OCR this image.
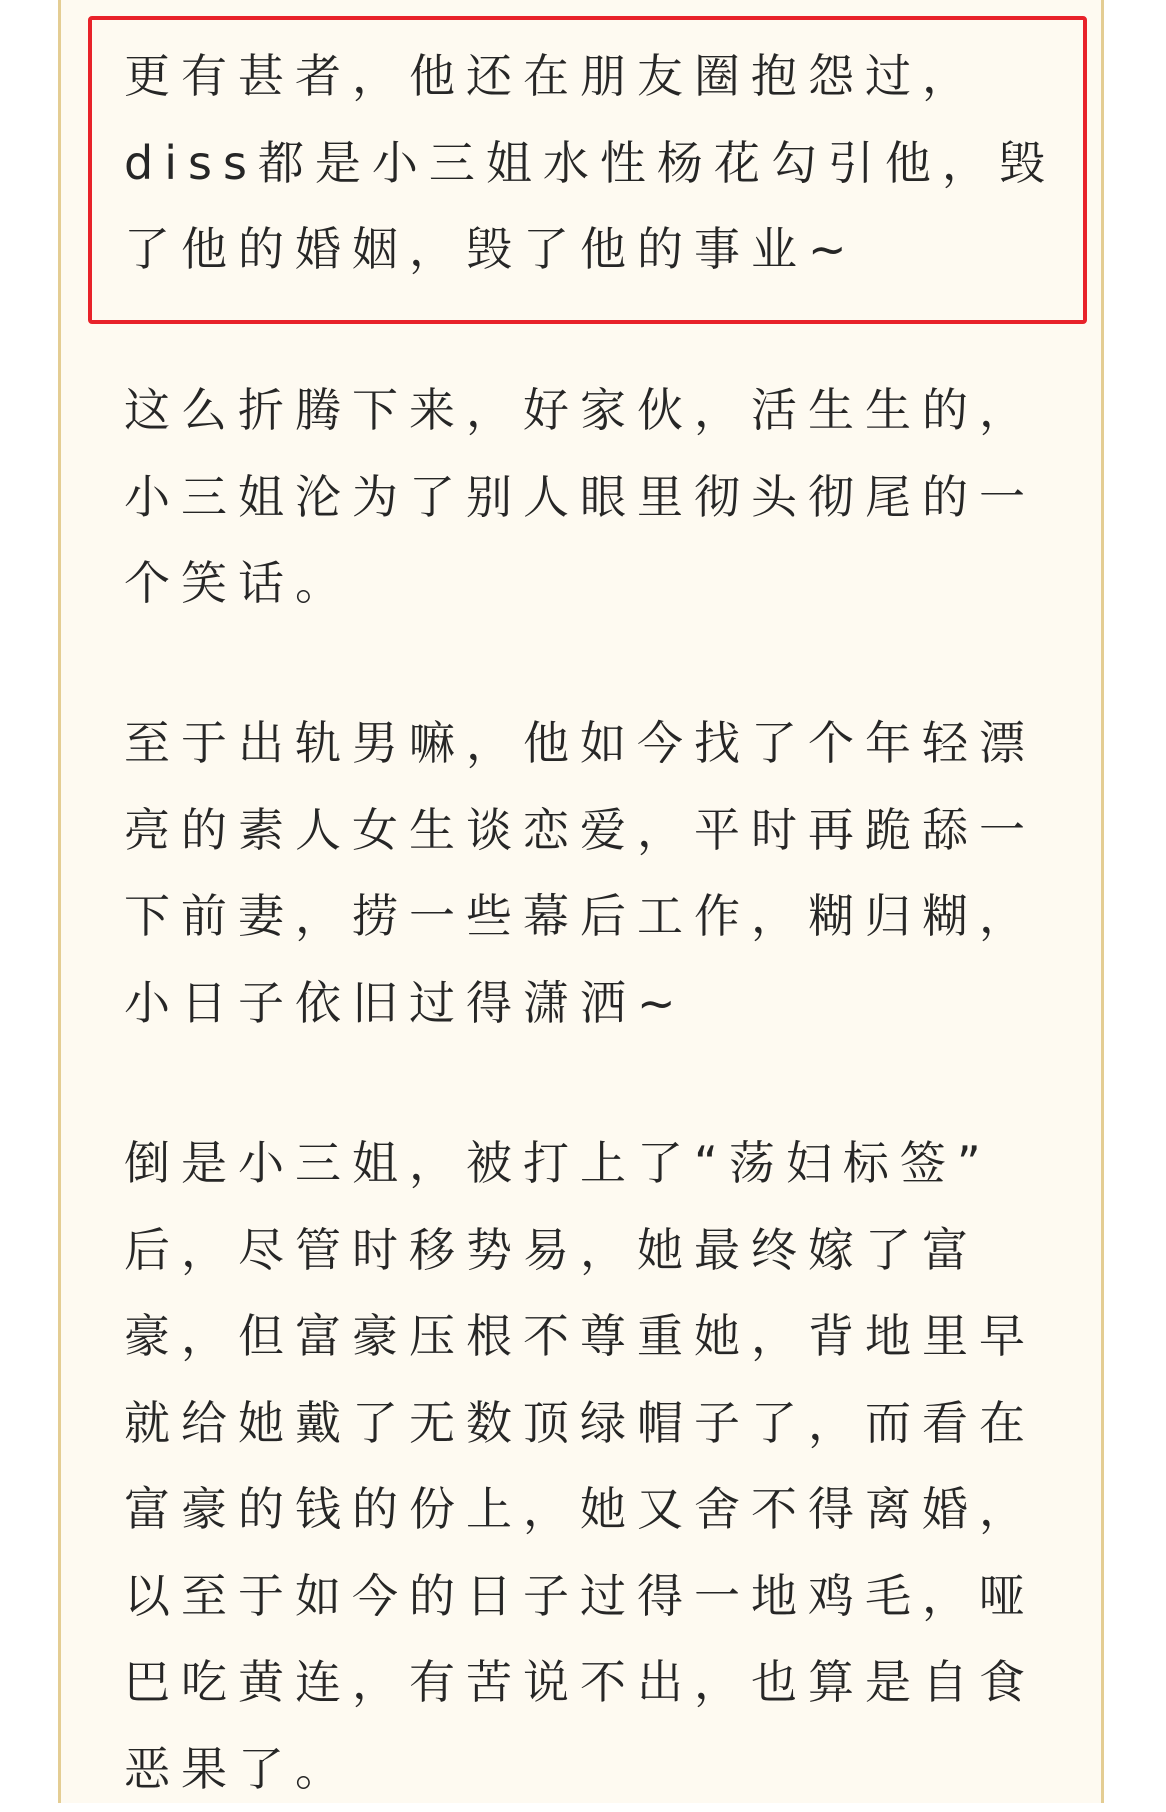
更有甚者，他还在朋友圈抱怨过，
diss都是小三姐水性杨花勾引他，毁
了他的婚姻，毁了他的事业~

这么折腾下来，好家伙，活生生的，
小三姐沦为了别人眼里彻头彻尾的一
个笑话。

至于出轨男嘛，他如今找了个年轻漂
亮的素人女生谈恋爱，平时再跪舔一
下前妻，捞一些幕后工作，糊归糊，
小日子依旧过得潇洒~

倒是小三姐，被打上了“荡妇标签”
后，尽管时移势易，她最终嫁了富
豪，但富豪压根不尊重她，背地里早
就给她戴了无数顶绿帽子了，而看在
富豪的钱的份上，她又舍不得离婚，
以至于如今的日子过得一地鸡毛，哑
巴吃黄连，有苦说不出，也算是自食
恶果了。
